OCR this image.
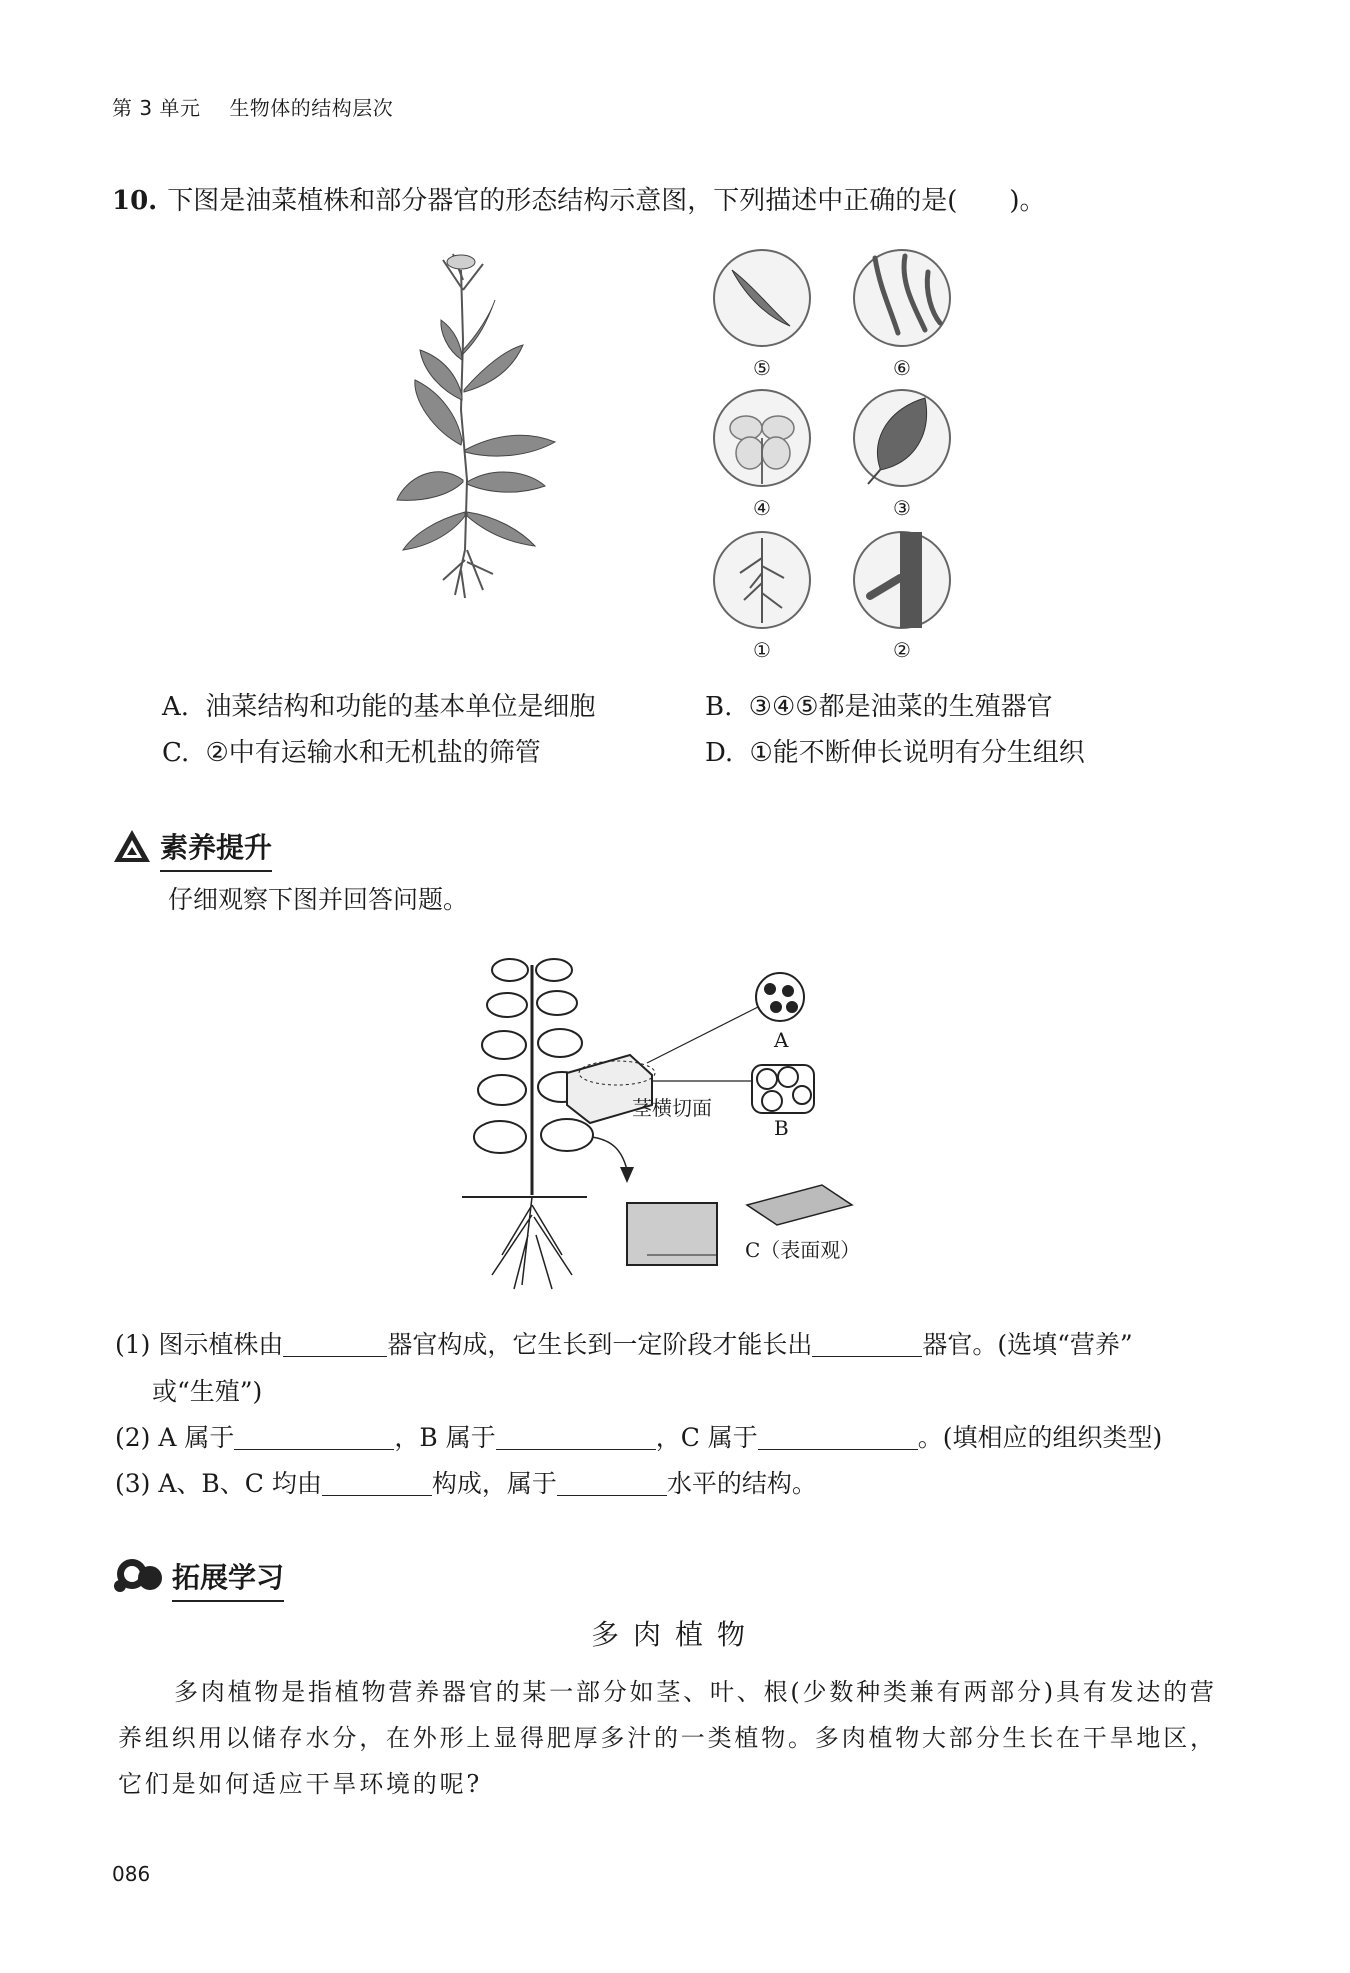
第 3 单元 生物体的结构层次
10. 下图是油菜植株和部分器官的形态结构示意图，下列描述中正确的是(　　)。
⑤	⑥
④	③
①	②
A. 油菜结构和功能的基本单位是细胞	B. ③④⑤都是油菜的生殖器官
C. ②中有运输水和无机盐的筛管	D. ①能不断伸长说明有分生组织
素养提升
仔细观察下图并回答问题。
A
B
茎横切面
C（表面观）
(1) 图示植株由	器官构成，它生长到一定阶段才能长出	器官。(选填“营养”
或“生殖”)
(2) A 属于	，B 属于	，C 属于	。(填相应的组织类型)
(3) A、B、C 均由	构成，属于	水平的结构。
拓展学习
多肉植物
多肉植物是指植物营养器官的某一部分如茎、叶、根(少数种类兼有两部分)具有发达的营
养组织用以储存水分，在外形上显得肥厚多汁的一类植物。多肉植物大部分生长在干旱地区，
它们是如何适应干旱环境的呢?
086
